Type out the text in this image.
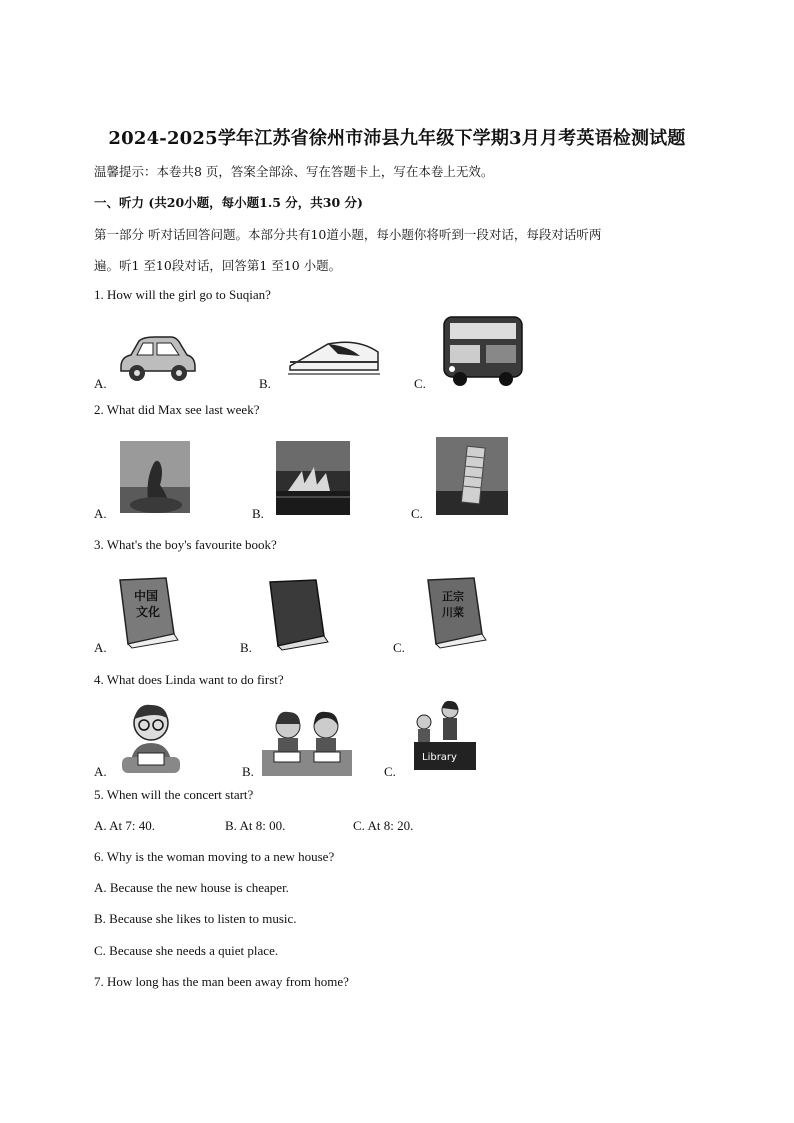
2024-2025学年江苏省徐州市沛县九年级下学期3月月考英语检测试题
温馨提示：本卷共8 页，答案全部涂、写在答题卡上，写在本卷上无效。
一、听力 (共20小题，每小题1.5 分，共30 分)
第一部分 听对话回答问题。本部分共有10道小题，每小题你将听到一段对话，每段对话听两
遍。听1 至10段对话，回答第1 至10 小题。
1. How will the girl go to Suqian?
A.	B.	C.
2. What did Max see last week?
A.	B.	C.
3. What's the boy's favourite book?
A.	B.	C.
中国
文化
正宗
川菜
4. What does Linda want to do first?
A.	B.	C.
Library
5. When will the concert start?
A. At 7: 40.	B. At 8: 00.	C. At 8: 20.
6. Why is the woman moving to a new house?
A. Because the new house is cheaper.
B. Because she likes to listen to music.
C. Because she needs a quiet place.
7. How long has the man been away from home?
